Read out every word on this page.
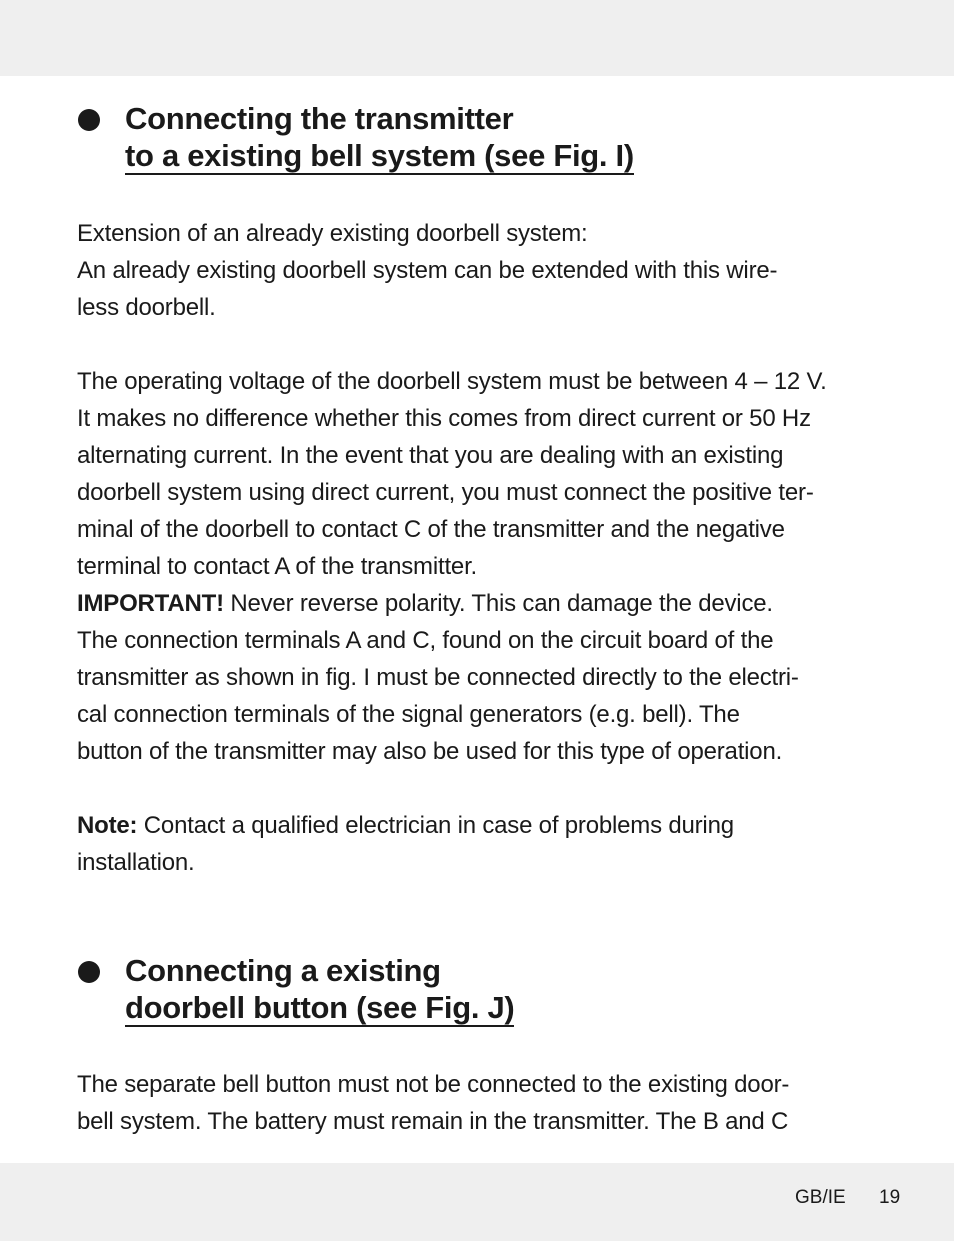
Connecting the transmitter
to a existing bell system (see Fig. I)
Extension of an already existing doorbell system:
An already existing doorbell system can be extended with this wire-
less doorbell.
The operating voltage of the doorbell system must be between 4 – 12 V.
It makes no difference whether this comes from direct current or 50 Hz
alternating current. In the event that you are dealing with an existing
doorbell system using direct current, you must connect the positive ter-
minal of the doorbell to contact C of the transmitter and the negative
terminal to contact A of the transmitter.
IMPORTANT! Never reverse polarity. This can damage the device.
The connection terminals A and C, found on the circuit board of the
transmitter as shown in fig. I must be connected directly to the electri-
cal connection terminals of the signal generators (e.g. bell). The
button of the transmitter may also be used for this type of operation.
Note: Contact a qualified electrician in case of problems during
installation.
Connecting a existing
doorbell button (see Fig. J)
The separate bell button must not be connected to the existing door-
bell system. The battery must remain in the transmitter. The B and C
GB/IE 19
